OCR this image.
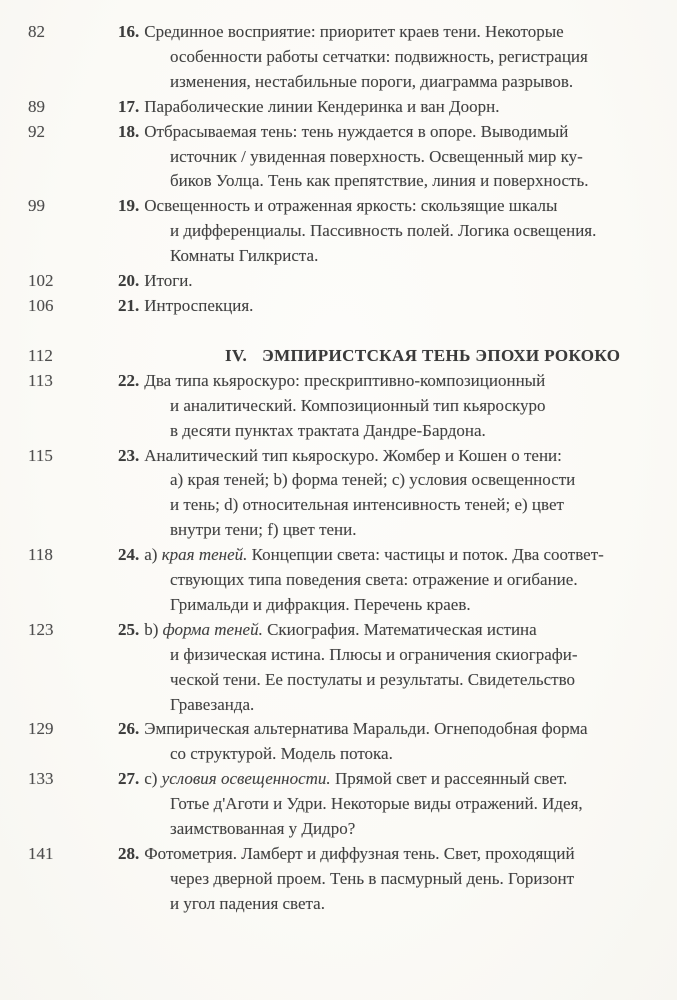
82	16. Срединное восприятие: приоритет краев тени. Некоторые
особенности работы сетчатки: подвижность, регистрация
изменения, нестабильные пороги, диаграмма разрывов.
89	17. Параболические линии Кендеринка и ван Доорн.
92	18. Отбрасываемая тень: тень нуждается в опоре. Выводимый
источник / увиденная поверхность. Освещенный мир ку-
биков Уолца. Тень как препятствие, линия и поверхность.
99	19. Освещенность и отраженная яркость: скользящие шкалы
и дифференциалы. Пассивность полей. Логика освещения.
Комнаты Гилкриста.
102	20. Итоги.
106	21. Интроспекция.
112	IV. ЭМПИРИСТСКАЯ ТЕНЬ ЭПОХИ РОКОКО
113	22. Два типа кьяроскуро: прескриптивно-композиционный
и аналитический. Композиционный тип кьяроскуро
в десяти пунктах трактата Дандре-Бардона.
115	23. Аналитический тип кьяроскуро. Жомбер и Кошен о тени:
a) края теней; b) форма теней; c) условия освещенности
и тень; d) относительная интенсивность теней; e) цвет
внутри тени; f) цвет тени.
118	24. a) края теней. Концепции света: частицы и поток. Два соответ-
ствующих типа поведения света: отражение и огибание.
Гримальди и дифракция. Перечень краев.
123	25. b) форма теней. Скиография. Математическая истина
и физическая истина. Плюсы и ограничения скиографи-
ческой тени. Ее постулаты и результаты. Свидетельство
Гравезанда.
129	26. Эмпирическая альтернатива Маральди. Огнеподобная форма
со структурой. Модель потока.
133	27. c) условия освещенности. Прямой свет и рассеянный свет.
Готье д'Аготи и Удри. Некоторые виды отражений. Идея,
заимствованная у Дидро?
141	28. Фотометрия. Ламберт и диффузная тень. Свет, проходящий
через дверной проем. Тень в пасмурный день. Горизонт
и угол падения света.
